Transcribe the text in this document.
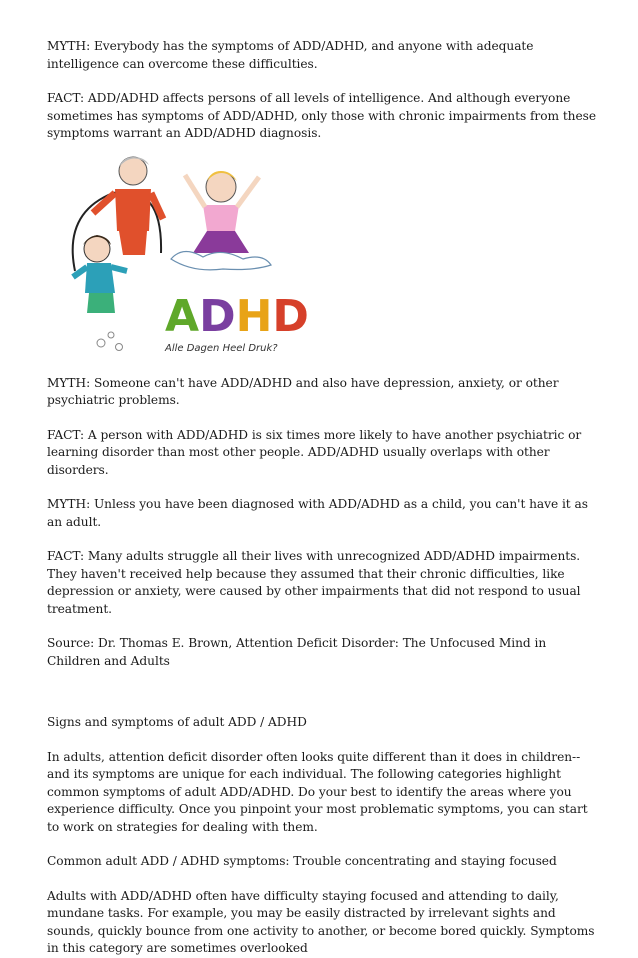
MYTH: Everybody has the symptoms of ADD/ADHD, and anyone with adequate intelligence can overcome these difficulties.

FACT: ADD/ADHD affects persons of all levels of intelligence. And although everyone sometimes has symptoms of ADD/ADHD, only those with chronic impairments from these symptoms warrant an ADD/ADHD diagnosis.

ADHD
Alle Dagen Heel Druk?

MYTH: Someone can't have ADD/ADHD and also have depression, anxiety, or other psychiatric problems.

FACT: A person with ADD/ADHD is six times more likely to have another psychiatric or learning disorder than most other people. ADD/ADHD usually overlaps with other disorders.

MYTH: Unless you have been diagnosed with ADD/ADHD as a child, you can't have it as an adult.

FACT: Many adults struggle all their lives with unrecognized ADD/ADHD impairments. They haven't received help because they assumed that their chronic difficulties, like depression or anxiety, were caused by other impairments that did not respond to usual treatment.

Source: Dr. Thomas E. Brown, Attention Deficit Disorder: The Unfocused Mind in Children and Adults

Signs and symptoms of adult ADD / ADHD

In adults, attention deficit disorder often looks quite different than it does in children--and its symptoms are unique for each individual. The following categories highlight common symptoms of adult ADD/ADHD. Do your best to identify the areas where you experience difficulty. Once you pinpoint your most problematic symptoms, you can start to work on strategies for dealing with them.

Common adult ADD / ADHD symptoms: Trouble concentrating and staying focused

Adults with ADD/ADHD often have difficulty staying focused and attending to daily, mundane tasks. For example, you may be easily distracted by irrelevant sights and sounds, quickly bounce from one activity to another, or become bored quickly. Symptoms in this category are sometimes overlooked
